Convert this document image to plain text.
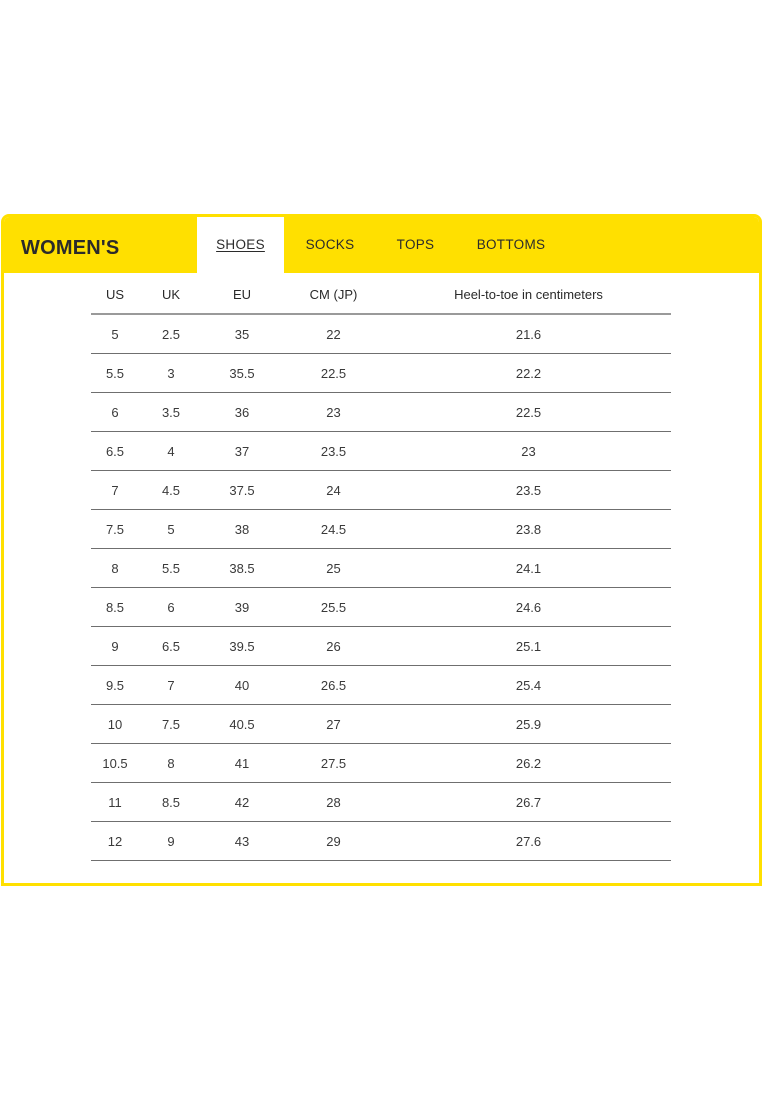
WOMEN'S	SHOES	SOCKS	TOPS	BOTTOMS
US	UK	EU	CM (JP)	Heel-to-toe in centimeters
5	2.5	35	22	21.6
5.5	3	35.5	22.5	22.2
6	3.5	36	23	22.5
6.5	4	37	23.5	23
7	4.5	37.5	24	23.5
7.5	5	38	24.5	23.8
8	5.5	38.5	25	24.1
8.5	6	39	25.5	24.6
9	6.5	39.5	26	25.1
9.5	7	40	26.5	25.4
10	7.5	40.5	27	25.9
10.5	8	41	27.5	26.2
11	8.5	42	28	26.7
12	9	43	29	27.6
